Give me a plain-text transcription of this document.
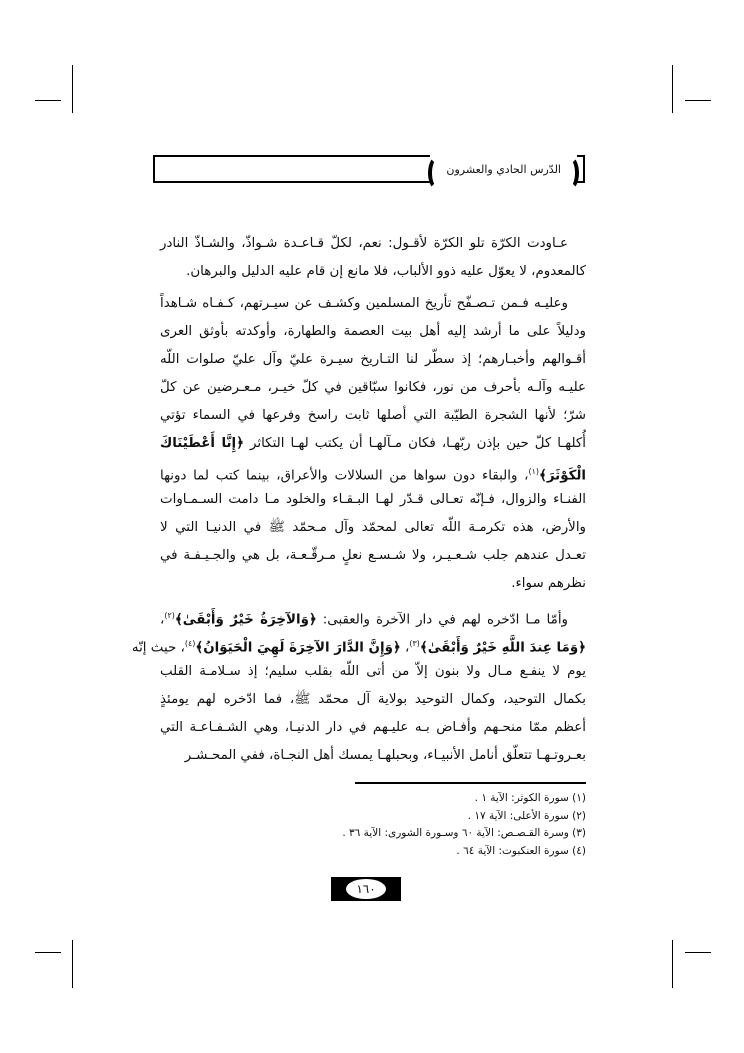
الدّرس الحادي والعشرون
عـاودت الكرّة تلو الكرّة لأقـول: نعم، لكلّ قـاعـدة شـواذّ، والشـاذّ النادر
كالمعدوم، لا يعوّل عليه ذوو الألباب، فلا مانع إن قام عليه الدليل والبرهان.
وعليـه فـمن تـصـفّح تأريخ المسلمين وكشـف عن سيـرتهم، كـفـاه شـاهداً
ودليلاً على ما أرشد إليه أهل بيت العصمة والطهارة، وأوكدته بأوثق العرى
أقـوالهم وأخبـارهم؛ إذ سطّر لنا التـاريخ سيـرة عليّ وآل عليّ صلوات اللّه
عليـه وآلـه بأحرف من نور، فكانوا سبّاقين في كلّ خيـر، مـعـرضين عن كلّ
شرّ؛ لأنها الشجرة الطيّبة التي أصلها ثابت راسخ وفرعها في السماء تؤتي
أُكلهـا كلّ حين بإذن ربّهـا، فكان مـآلهـا أن يكتب لهـا التكاثر ﴿إِنَّا أَعْطَيْنَاكَ
الْكَوْثَرَ﴾$^{(١)}$، والبقاء دون سواها من السلالات والأعراق، بينما كتب لما دونها
الفنـاء والزوال، فـإنّه تعـالى قـدّر لهـا البـقـاء والخلود مـا دامت السـمـاوات
والأرض، هذه تكرمـة اللّه تعالى لمحمّد وآل مـحمّد ﷺ في الدنيـا التي لا
تعـدل عندهم جلب شـعـيـر، ولا شـسـع نعلٍ مـرقّـعـة، بل هي والجـيـفـة في
نظرهم سواء.
وأمّا مـا ادّخره لهم في دار الآخرة والعقبى: ﴿وَالآخِرَةُ خَيْرٌ وَأَبْقَىٰ﴾$^{(٢)}$،
﴿وَمَا عِندَ اللَّهِ خَيْرٌ وَأَبْقَىٰ﴾$^{(٣)}$، ﴿وَإِنَّ الدَّارَ الآخِرَةَ لَهِيَ الْحَيَوَانُ﴾$^{(٤)}$، حيث إنّه
يوم لا ينفـع مـال ولا بنون إلاّ من أتى اللّه بقلب سليم؛ إذ سـلامـة القلب
بكمال التوحيد، وكمال التوحيد بولاية آل محمّد ﷺ، فما ادّخره لهم يومئذٍ
أعظم ممّا منحـهم وأفـاض بـه عليـهم في دار الدنيـا، وهي الشـفـاعـة التي
بعـروتـهـا تتعلّق أنامل الأنبيـاء، وبحبلهـا يمسك أهل النجـاة، ففي المحـشـر
(١) سورة الكوثر: الآية ١ .
(٢) سورة الأعلى: الآية ١٧ .
(٣) وسرة القـصـص: الآية ٦٠ وسـورة الشورى: الآية ٣٦ .
(٤) سورة العنكبوت: الآية ٦٤ .
١٦٠
